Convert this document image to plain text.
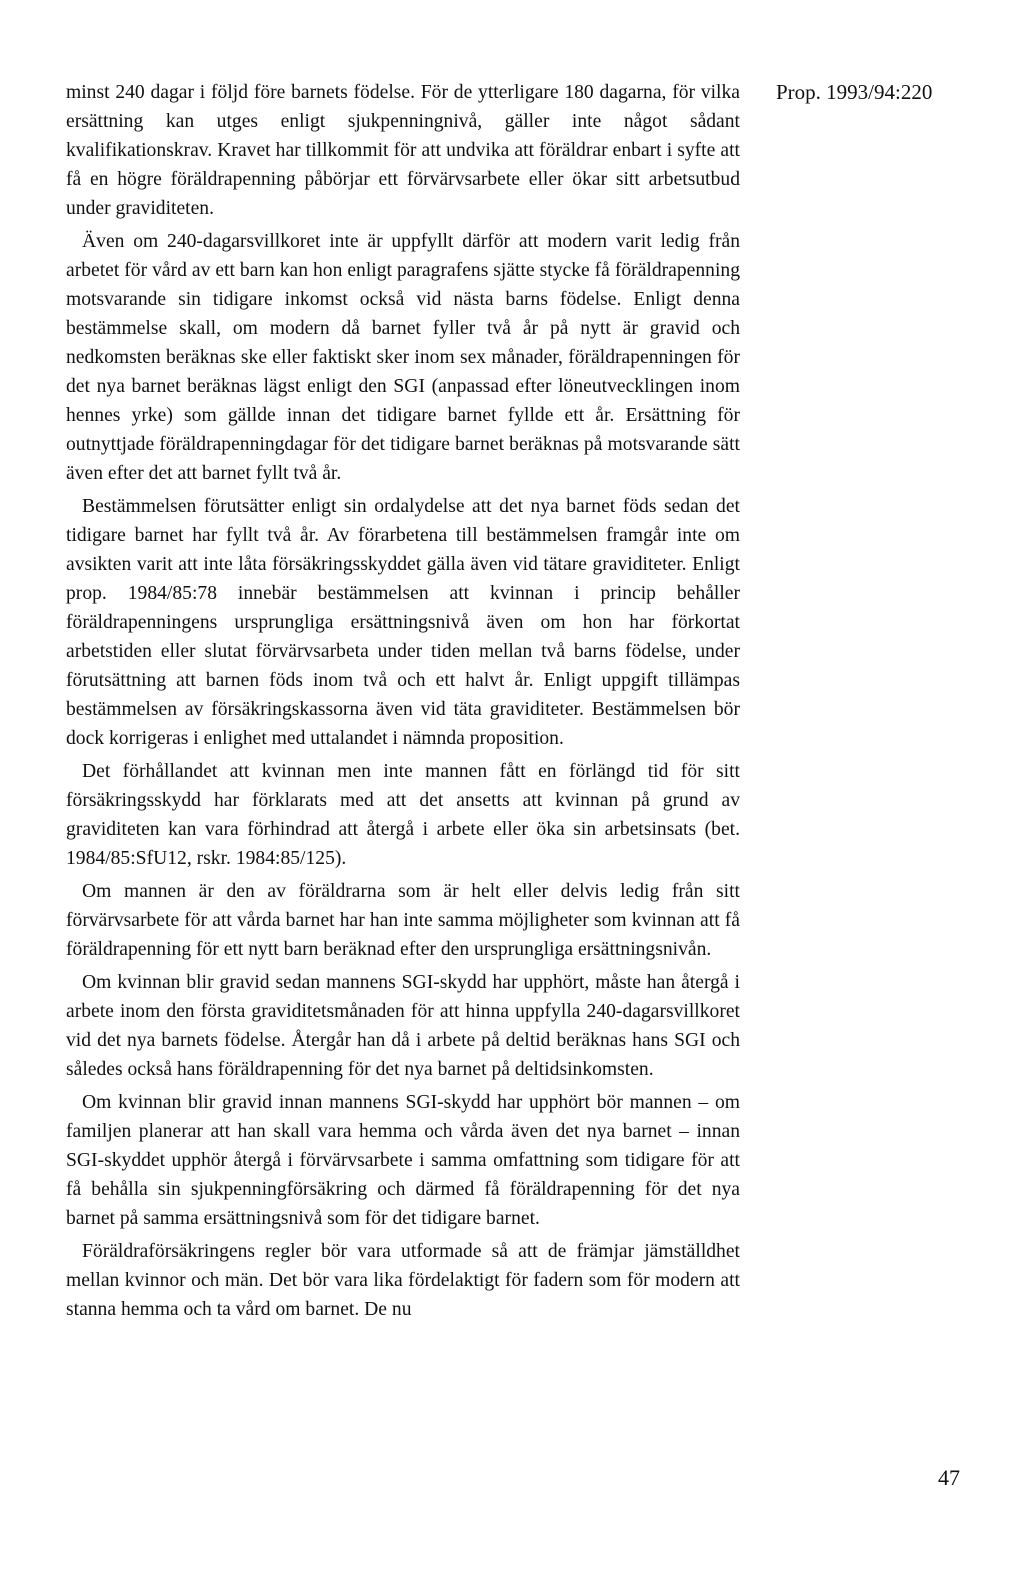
Prop. 1993/94:220

minst 240 dagar i följd före barnets födelse. För de ytterligare 180 dagarna, för vilka ersättning kan utges enligt sjukpenningnivå, gäller inte något sådant kvalifikationskrav. Kravet har tillkommit för att undvika att föräldrar enbart i syfte att få en högre föräldrapenning påbörjar ett förvärvsarbete eller ökar sitt arbetsutbud under graviditeten.

Även om 240-dagarsvillkoret inte är uppfyllt därför att modern varit ledig från arbetet för vård av ett barn kan hon enligt paragrafens sjätte stycke få föräldrapenning motsvarande sin tidigare inkomst också vid nästa barns födelse. Enligt denna bestämmelse skall, om modern då barnet fyller två år på nytt är gravid och nedkomsten beräknas ske eller faktiskt sker inom sex månader, föräldrapenningen för det nya barnet beräknas lägst enligt den SGI (anpassad efter löneutvecklingen inom hennes yrke) som gällde innan det tidigare barnet fyllde ett år. Ersättning för outnyttjade föräldrapenningdagar för det tidigare barnet beräknas på motsvarande sätt även efter det att barnet fyllt två år.

Bestämmelsen förutsätter enligt sin ordalydelse att det nya barnet föds sedan det tidigare barnet har fyllt två år. Av förarbetena till bestämmelsen framgår inte om avsikten varit att inte låta försäkringsskyddet gälla även vid tätare graviditeter. Enligt prop. 1984/85:78 innebär bestämmelsen att kvinnan i princip behåller föräldrapenningens ursprungliga ersättningsnivå även om hon har förkortat arbetstiden eller slutat förvärvsarbeta under tiden mellan två barns födelse, under förutsättning att barnen föds inom två och ett halvt år. Enligt uppgift tillämpas bestämmelsen av försäkringskassorna även vid täta graviditeter. Bestämmelsen bör dock korrigeras i enlighet med uttalandet i nämnda proposition.

Det förhållandet att kvinnan men inte mannen fått en förlängd tid för sitt försäkringsskydd har förklarats med att det ansetts att kvinnan på grund av graviditeten kan vara förhindrad att återgå i arbete eller öka sin arbetsinsats (bet. 1984/85:SfU12, rskr. 1984:85/125).

Om mannen är den av föräldrarna som är helt eller delvis ledig från sitt förvärvsarbete för att vårda barnet har han inte samma möjligheter som kvinnan att få föräldrapenning för ett nytt barn beräknad efter den ursprungliga ersättningsnivån.

Om kvinnan blir gravid sedan mannens SGI-skydd har upphört, måste han återgå i arbete inom den första graviditetsmånaden för att hinna uppfylla 240-dagarsvillkoret vid det nya barnets födelse. Återgår han då i arbete på deltid beräknas hans SGI och således också hans föräldrapenning för det nya barnet på deltidsinkomsten.

Om kvinnan blir gravid innan mannens SGI-skydd har upphört bör mannen – om familjen planerar att han skall vara hemma och vårda även det nya barnet – innan SGI-skyddet upphör återgå i förvärvsarbete i samma omfattning som tidigare för att få behålla sin sjukpenningförsäkring och därmed få föräldrapenning för det nya barnet på samma ersättningsnivå som för det tidigare barnet.

Föräldraförsäkringens regler bör vara utformade så att de främjar jämställdhet mellan kvinnor och män. Det bör vara lika fördelaktigt för fadern som för modern att stanna hemma och ta vård om barnet. De nu

47
